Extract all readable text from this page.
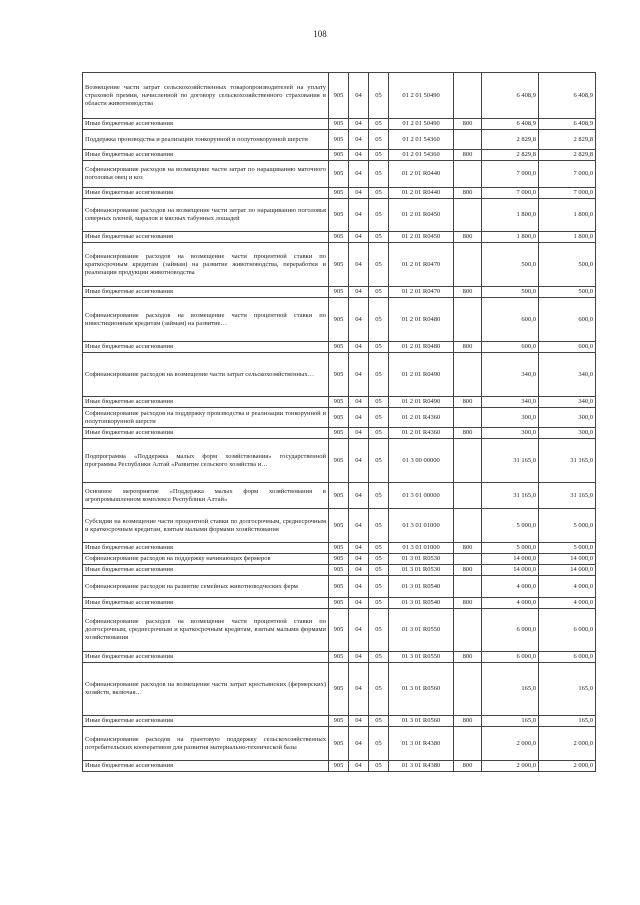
108
Возмещение части затрат сельскохозяйственных товаропроизводителей на уплату страховой премии, начисленной по договору сельскохозяйственного страхования в области животноводства	905	04	05	01 2 01 50490		6 408,9	6 408,9
Иные бюджетные ассигнования	905	04	05	01 2 01 50490	800	6 408,9	6 408,9
Поддержка производства и реализации тонкорунной и полутонкорунной шерсти	905	04	05	01 2 01 54360		2 829,8	2 829,8
Иные бюджетные ассигнования	905	04	05	01 2 01 54360	800	2 829,8	2 829,8
Софинансирование расходов на возмещение части затрат по наращиванию маточного поголовья овец и коз	905	04	05	01 2 01 R0440		7 000,0	7 000,0
Иные бюджетные ассигнования	905	04	05	01 2 01 R0440	800	7 000,0	7 000,0
Софинансирование расходов на возмещение части затрат по наращиванию поголовья северных оленей, маралов и мясных табунных лошадей	905	04	05	01 2 01 R0450		1 800,0	1 800,0
Иные бюджетные ассигнования	905	04	05	01 2 01 R0450	800	1 800,0	1 800,0
Софинансирование расходов на возмещение части процентной ставки по краткосрочным кредитам (займам) на развитие животноводства, переработки и реализации продукции животноводства	905	04	05	01 2 01 R0470		500,0	500,0
Иные бюджетные ассигнования	905	04	05	01 2 01 R0470	800	500,0	500,0
Софинансирование расходов на возмещение части процентной ставки по инвестиционным кредитам (займам) на развитие…	905	04	05	01 2 01 R0480		600,0	600,0
Иные бюджетные ассигнования	905	04	05	01 2 01 R0480	800	600,0	600,0
Софинансирование расходов на возмещение части затрат сельскохозяйственных…	905	04	05	01 2 01 R0490		340,0	340,0
Иные бюджетные ассигнования	905	04	05	01 2 01 R0490	800	340,0	340,0
Софинансирование расходов на поддержку производства и реализации тонкорунной и полутонкорунной шерсти	905	04	05	01 2 01 R4360		300,0	300,0
Иные бюджетные ассигнования	905	04	05	01 2 01 R4360	800	300,0	300,0
Подпрограмма «Поддержка малых форм хозяйствования» государственной программы Республики Алтай «Развитие сельского хозяйства и…	905	04	05	01 3 00 00000		31 165,0	31 165,0
Основное мероприятие «Поддержка малых форм хозяйствования в агропромышленном комплексе Республики Алтай»	905	04	05	01 3 01 00000		31 165,0	31 165,0
Субсидии на возмещение части процентной ставки по долгосрочным, среднесрочным и краткосрочным кредитам, взятым малыми формами хозяйствования	905	04	05	01 3 01 01000		5 000,0	5 000,0
Иные бюджетные ассигнования	905	04	05	01 3 01 01000	800	5 000,0	5 000,0
Софинансирование расходов на поддержку начинающих фермеров	905	04	05	01 3 01 R0530		14 000,0	14 000,0
Иные бюджетные ассигнования	905	04	05	01 3 01 R0530	800	14 000,0	14 000,0
Софинансирование расходов на развитие семейных животноводческих ферм	905	04	05	01 3 01 R0540		4 000,0	4 000,0
Иные бюджетные ассигнования	905	04	05	01 3 01 R0540	800	4 000,0	4 000,0
Софинансирование расходов на возмещение части процентной ставки по долгосрочным, среднесрочным и краткосрочным кредитам, взятым малыми формами хозяйствования	905	04	05	01 3 01 R0550		6 000,0	6 000,0
Иные бюджетные ассигнования	905	04	05	01 3 01 R0550	800	6 000,0	6 000,0
Софинансирование расходов на возмещение части затрат крестьянских (фермерских) хозяйств, включая…	905	04	05	01 3 01 R0560		165,0	165,0
Иные бюджетные ассигнования	905	04	05	01 3 01 R0560	800	165,0	165,0
Софинансирование расходов на грантовую поддержку сельскохозяйственных потребительских кооперативов для развития материально-технической базы	905	04	05	01 3 01 R4380		2 000,0	2 000,0
Иные бюджетные ассигнования	905	04	05	01 3 01 R4380	800	2 000,0	2 000,0
